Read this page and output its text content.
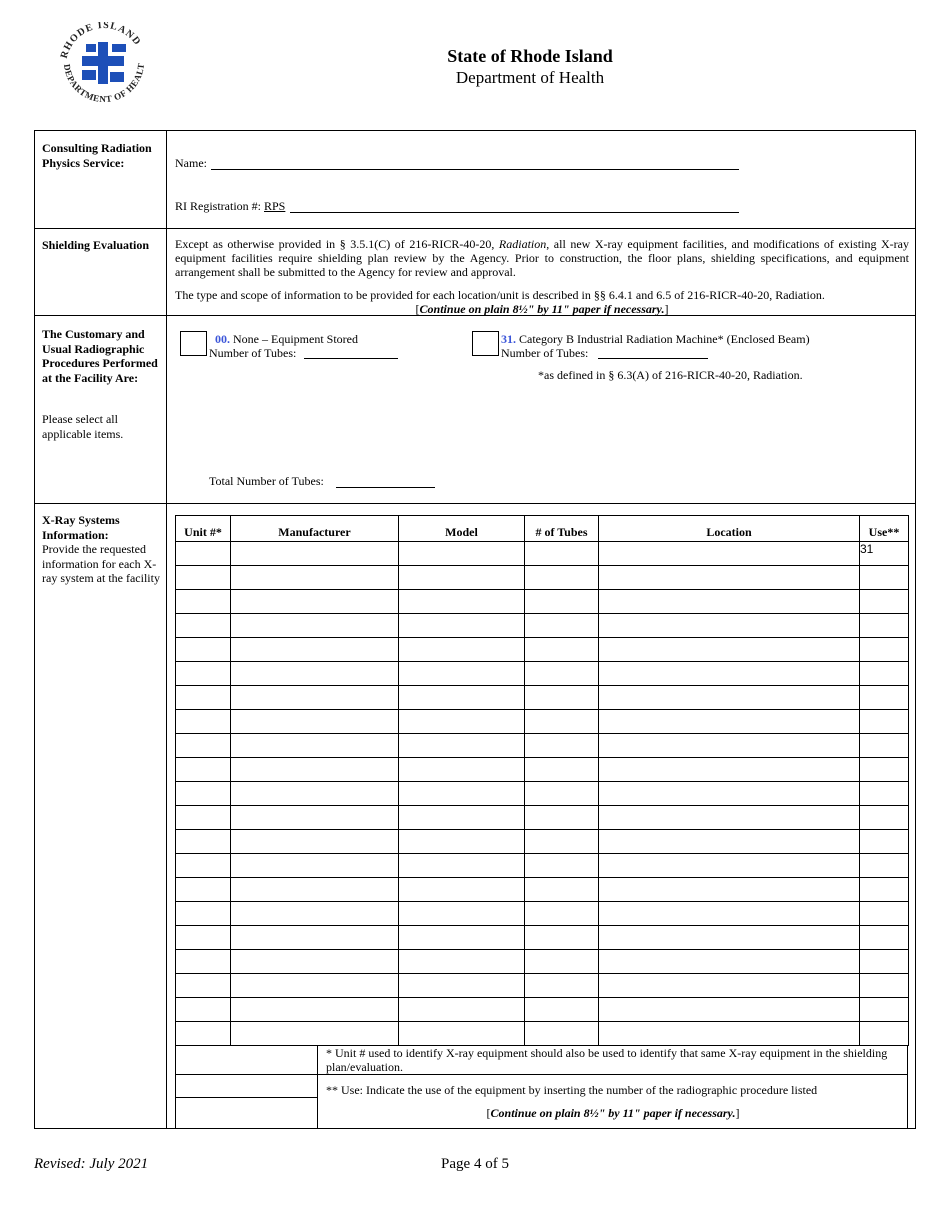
RHODE ISLAND
DEPARTMENT OF HEALT
State of Rhode Island
Department of Health
Consulting Radiation Physics Service:	Name:
RI Registration #: RPS
Shielding Evaluation	Except as otherwise provided in § 3.5.1(C) of 216-RICR-40-20, Radiation, all new X-ray equipment facilities, and modifications of existing X-ray equipment facilities require shielding plan review by the Agency. Prior to construction, the floor plans, shielding specifications, and equipment arrangement shall be submitted to the Agency for review and approval.
The type and scope of information to be provided for each location/unit is described in §§ 6.4.1 and 6.5 of 216-RICR-40-20, Radiation.
[Continue on plain 8½" by 11" paper if necessary.]
The Customary and Usual Radiographic Procedures Performed at the Facility Are:
Please select all applicable items.
00. None – Equipment Stored
Number of Tubes:
31. Category B Industrial Radiation Machine* (Enclosed Beam)
Number of Tubes:
*as defined in § 6.3(A) of 216-RICR-40-20, Radiation.
Total Number of Tubes:
X-Ray Systems Information:
Provide the requested information for each X-ray system at the facility
Unit #*	Manufacturer	Model	# of Tubes	Location	Use**
					31

* Unit # used to identify X-ray equipment should also be used to identify that same X-ray equipment in the shielding plan/evaluation.
** Use: Indicate the use of the equipment by inserting the number of the radiographic procedure listed
[Continue on plain 8½" by 11" paper if necessary.]
Revised: July 2021	Page 4 of 5
